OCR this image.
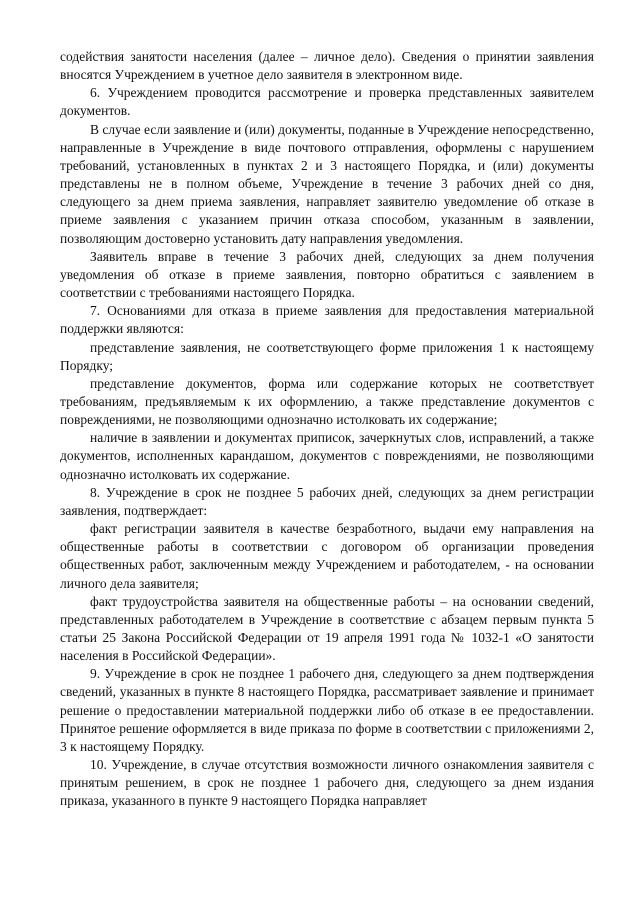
содействия занятости населения (далее – личное дело). Сведения о принятии заявления вносятся Учреждением в учетное дело заявителя в электронном виде.

6. Учреждением проводится рассмотрение и проверка представленных заявителем документов.

В случае если заявление и (или) документы, поданные в Учреждение непосредственно, направленные в Учреждение в виде почтового отправления, оформлены с нарушением требований, установленных в пунктах 2 и 3 настоящего Порядка, и (или) документы представлены не в полном объеме, Учреждение в течение 3 рабочих дней со дня, следующего за днем приема заявления, направляет заявителю уведомление об отказе в приеме заявления с указанием причин отказа способом, указанным в заявлении, позволяющим достоверно установить дату направления уведомления.

Заявитель вправе в течение 3 рабочих дней, следующих за днем получения уведомления об отказе в приеме заявления, повторно обратиться с заявлением в соответствии с требованиями настоящего Порядка.

7. Основаниями для отказа в приеме заявления для предоставления материальной поддержки являются:

представление заявления, не соответствующего форме приложения 1 к настоящему Порядку;

представление документов, форма или содержание которых не соответствует требованиям, предъявляемым к их оформлению, а также представление документов с повреждениями, не позволяющими однозначно истолковать их содержание;

наличие в заявлении и документах приписок, зачеркнутых слов, исправлений, а также документов, исполненных карандашом, документов с повреждениями, не позволяющими однозначно истолковать их содержание.

8. Учреждение в срок не позднее 5 рабочих дней, следующих за днем регистрации заявления, подтверждает:

факт регистрации заявителя в качестве безработного, выдачи ему направления на общественные работы в соответствии с договором об организации проведения общественных работ, заключенным между Учреждением и работодателем, - на основании личного дела заявителя;

факт трудоустройства заявителя на общественные работы – на основании сведений, представленных работодателем в Учреждение в соответствие с абзацем первым пункта 5 статьи 25 Закона Российской Федерации от 19 апреля 1991 года № 1032-1 «О занятости населения в Российской Федерации».

9. Учреждение в срок не позднее 1 рабочего дня, следующего за днем подтверждения сведений, указанных в пункте 8 настоящего Порядка, рассматривает заявление и принимает решение о предоставлении материальной поддержки либо об отказе в ее предоставлении. Принятое решение оформляется в виде приказа по форме в соответствии с приложениями 2, 3 к настоящему Порядку.

10. Учреждение, в случае отсутствия возможности личного ознакомления заявителя с принятым решением, в срок не позднее 1 рабочего дня, следующего за днем издания приказа, указанного в пункте 9 настоящего Порядка направляет
